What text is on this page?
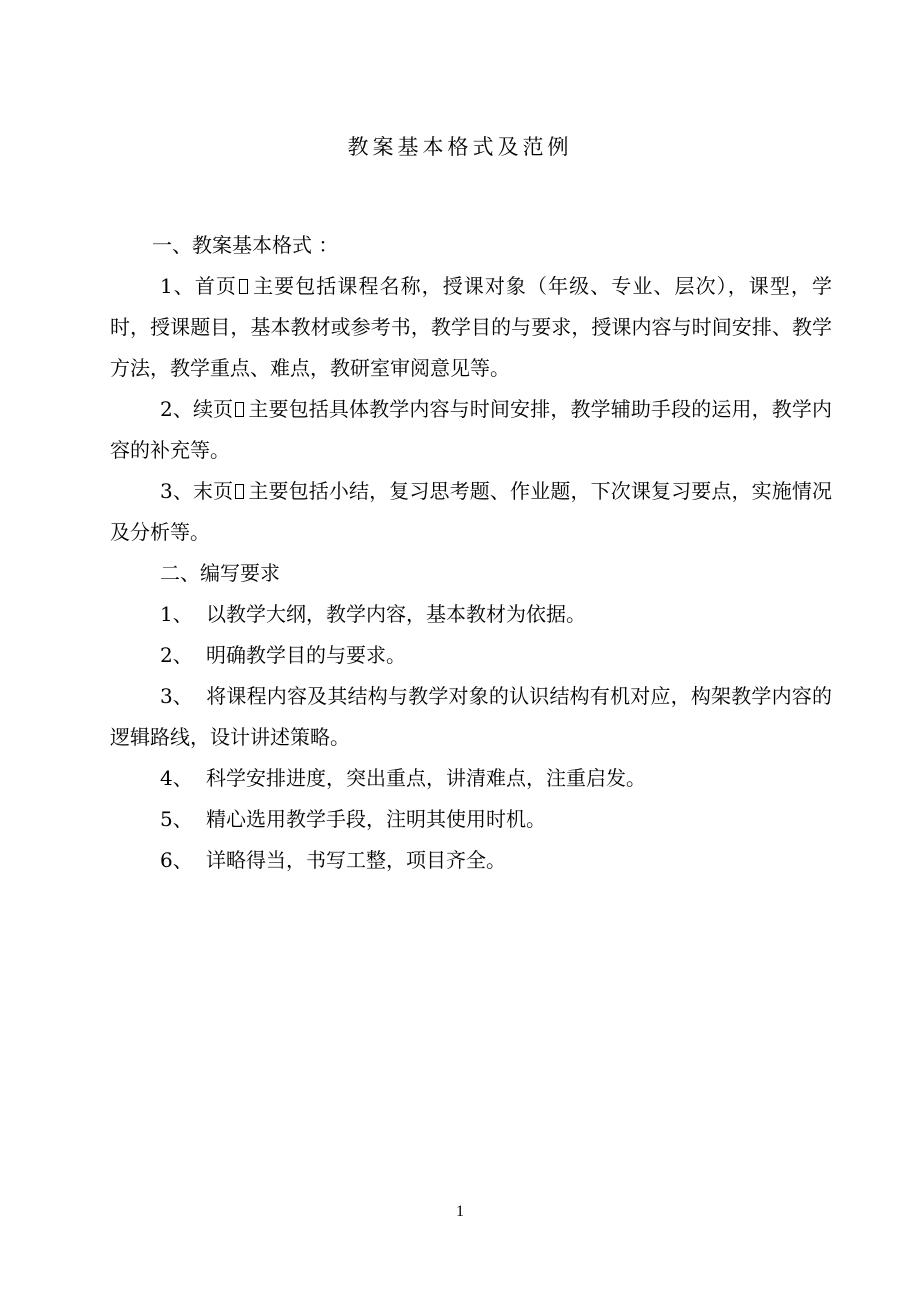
教案基本格式及范例

一、教案基本格式 ：

1、首页 主要包括课程名称，授课对象（年级、专业、层次），课型，学时，授课题目，基本教材或参考书，教学目的与要求，授课内容与时间安排、教学方法，教学重点、难点，教研室审阅意见等。

2、续页 主要包括具体教学内容与时间安排，教学辅助手段的运用，教学内容的补充等。

3、末页 主要包括小结，复习思考题、作业题，下次课复习要点，实施情况及分析等。

二、编写要求

1、 以教学大纲，教学内容，基本教材为依据。

2、 明确教学目的与要求。

3、 将课程内容及其结构与教学对象的认识结构有机对应，构架教学内容的逻辑路线，设计讲述策略。

4、 科学安排进度，突出重点，讲清难点，注重启发。

5、 精心选用教学手段，注明其使用时机。

6、 详略得当，书写工整，项目齐全。

1
